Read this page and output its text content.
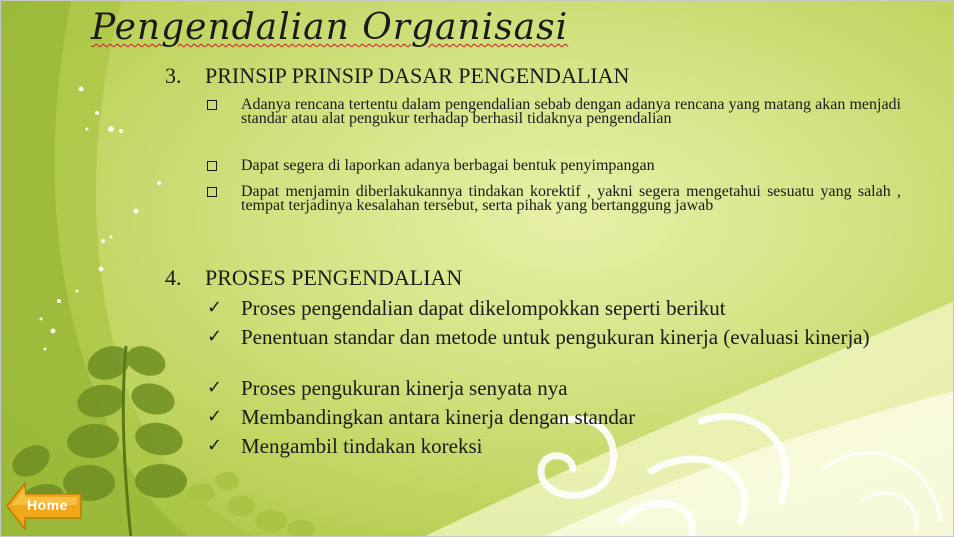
Pengendalian Organisasi
3. PRINSIP PRINSIP DASAR PENGENDALIAN
Adanya rencana tertentu dalam pengendalian sebab dengan adanya rencana yang matang akan menjadi standar atau alat pengukur terhadap berhasil tidaknya pengendalian
Dapat segera di laporkan adanya berbagai bentuk penyimpangan
Dapat menjamin diberlakukannya tindakan korektif , yakni segera mengetahui sesuatu yang salah , tempat terjadinya kesalahan tersebut, serta pihak yang bertanggung jawab
4. PROSES PENGENDALIAN
✓ Proses pengendalian dapat dikelompokkan seperti berikut
✓ Penentuan standar dan metode untuk pengukuran kinerja (evaluasi kinerja)
✓ Proses pengukuran kinerja senyata nya
✓ Membandingkan antara kinerja dengan standar
✓ Mengambil tindakan koreksi
Home
